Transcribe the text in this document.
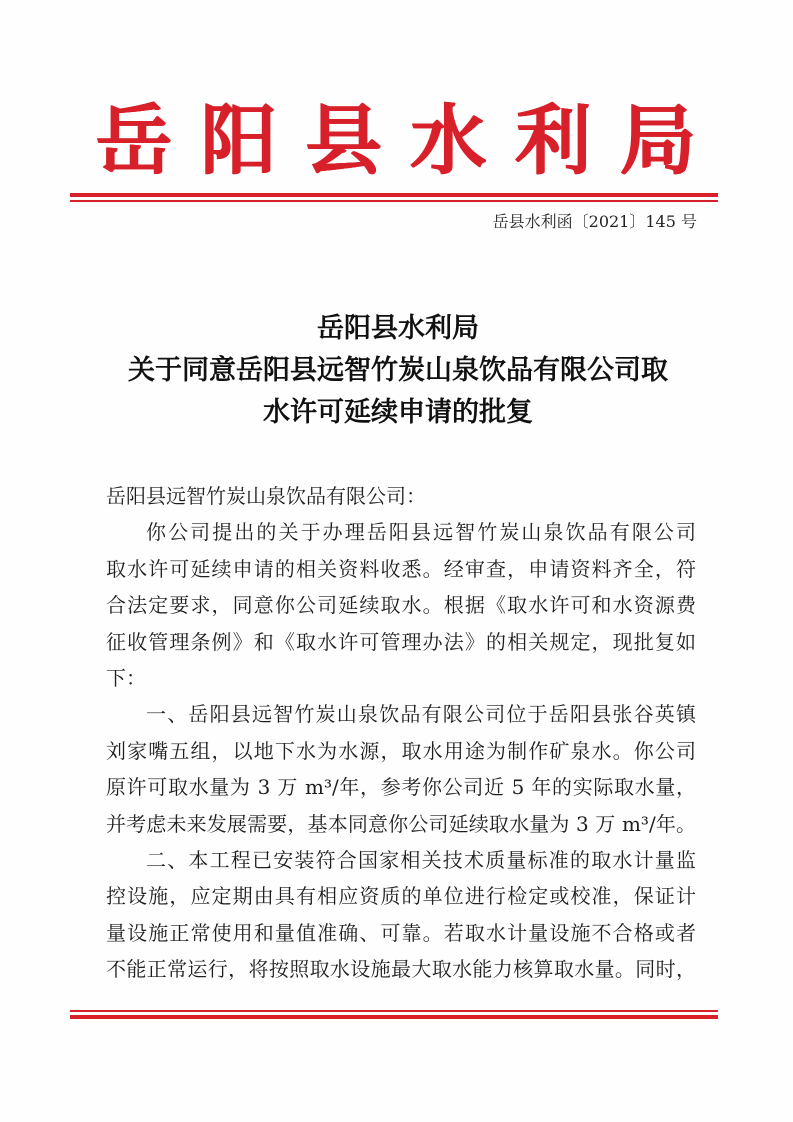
岳 阳 县 水 利 局
岳县水利函〔2021〕145 号
岳阳县水利局
关于同意岳阳县远智竹炭山泉饮品有限公司取
水许可延续申请的批复
岳阳县远智竹炭山泉饮品有限公司：
你公司提出的关于办理岳阳县远智竹炭山泉饮品有限公司
取水许可延续申请的相关资料收悉。经审查，申请资料齐全，符
合法定要求，同意你公司延续取水。根据《取水许可和水资源费
征收管理条例》和《取水许可管理办法》的相关规定，现批复如
下：
一、岳阳县远智竹炭山泉饮品有限公司位于岳阳县张谷英镇
刘家嘴五组，以地下水为水源，取水用途为制作矿泉水。你公司
原许可取水量为 3 万 m³/年，参考你公司近 5 年的实际取水量，
并考虑未来发展需要，基本同意你公司延续取水量为 3 万 m³/年。
二、本工程已安装符合国家相关技术质量标准的取水计量监
控设施，应定期由具有相应资质的单位进行检定或校准，保证计
量设施正常使用和量值准确、可靠。若取水计量设施不合格或者
不能正常运行，将按照取水设施最大取水能力核算取水量。同时，
